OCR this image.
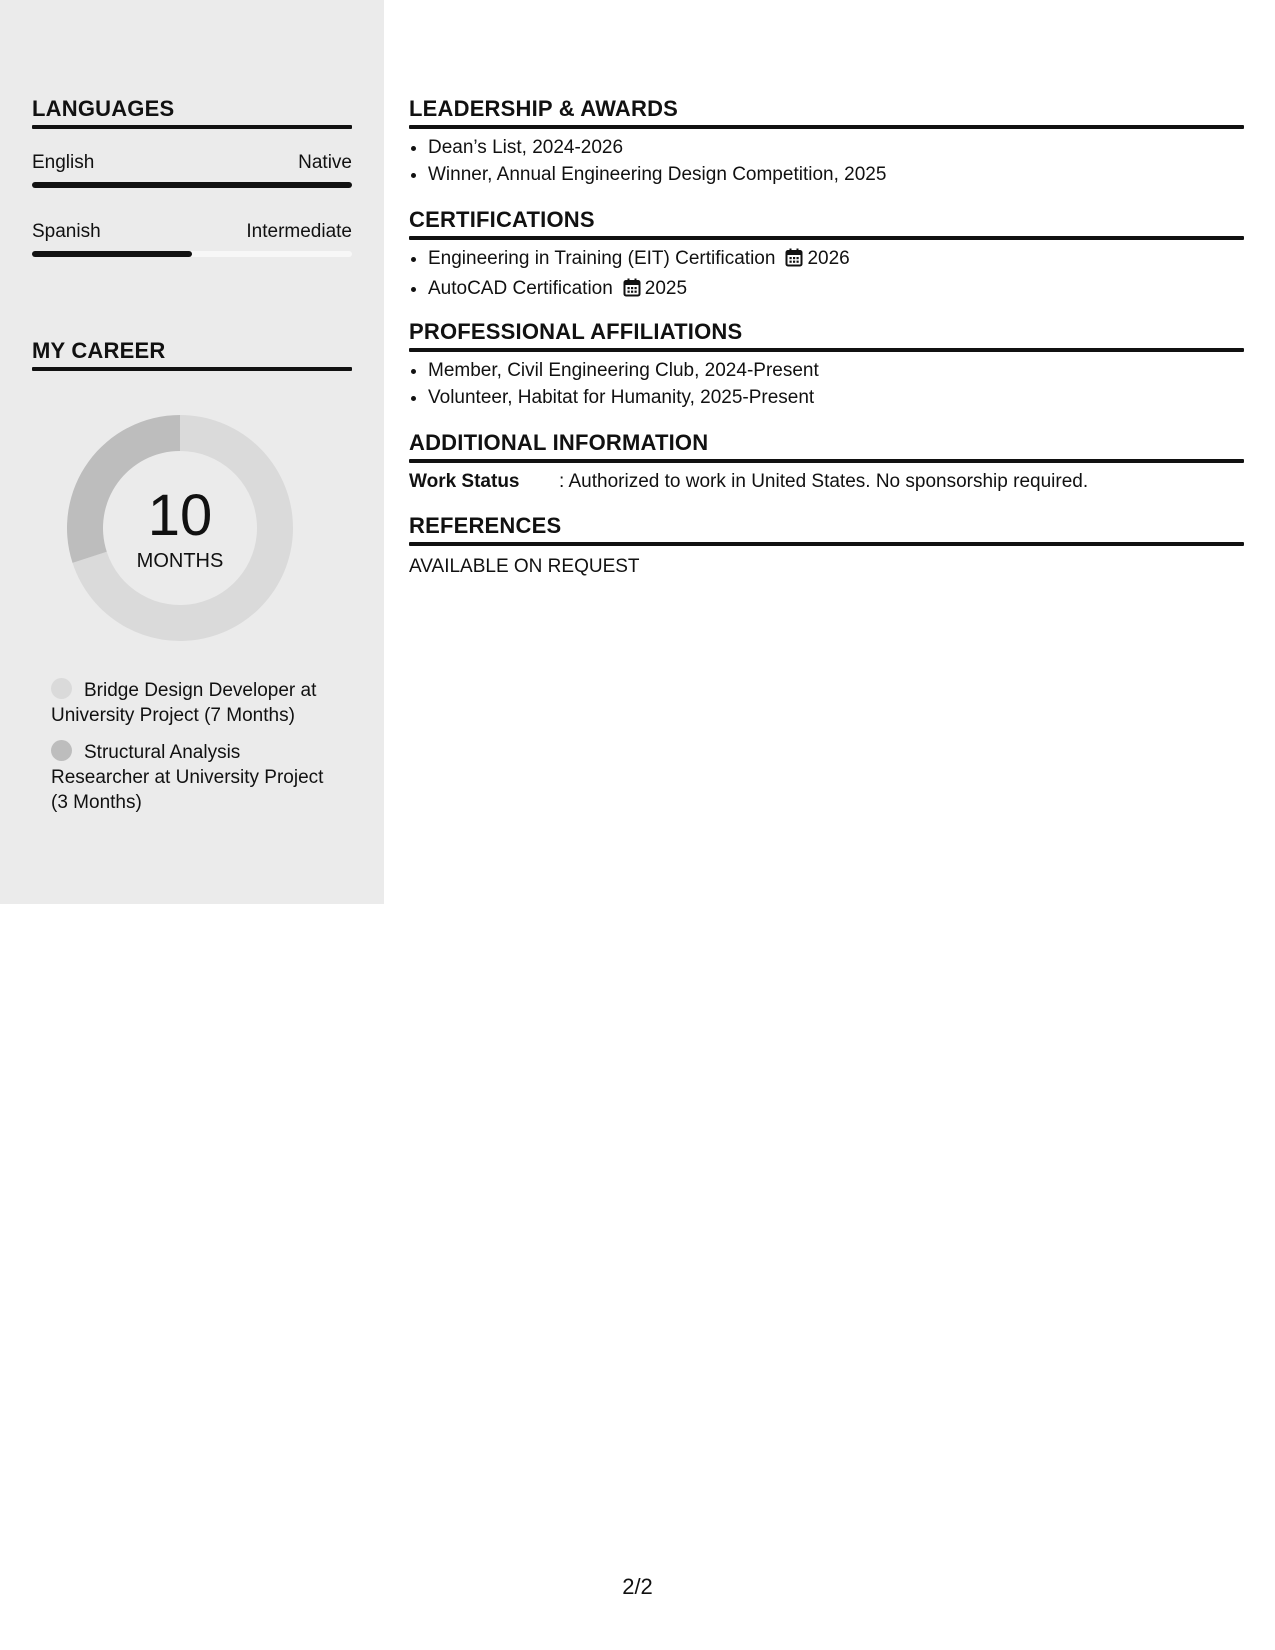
LANGUAGES
English	Native
Spanish	Intermediate
MY CAREER
10
MONTHS
Bridge Design Developer at University Project (7 Months)
Structural Analysis Researcher at University Project (3 Months)
LEADERSHIP & AWARDS
• Dean’s List, 2024-2026
• Winner, Annual Engineering Design Competition, 2025
CERTIFICATIONS
• Engineering in Training (EIT) Certification 2026
• AutoCAD Certification 2025
PROFESSIONAL AFFILIATIONS
• Member, Civil Engineering Club, 2024-Present
• Volunteer, Habitat for Humanity, 2025-Present
ADDITIONAL INFORMATION
Work Status : Authorized to work in United States. No sponsorship required.
REFERENCES
AVAILABLE ON REQUEST
2/2
